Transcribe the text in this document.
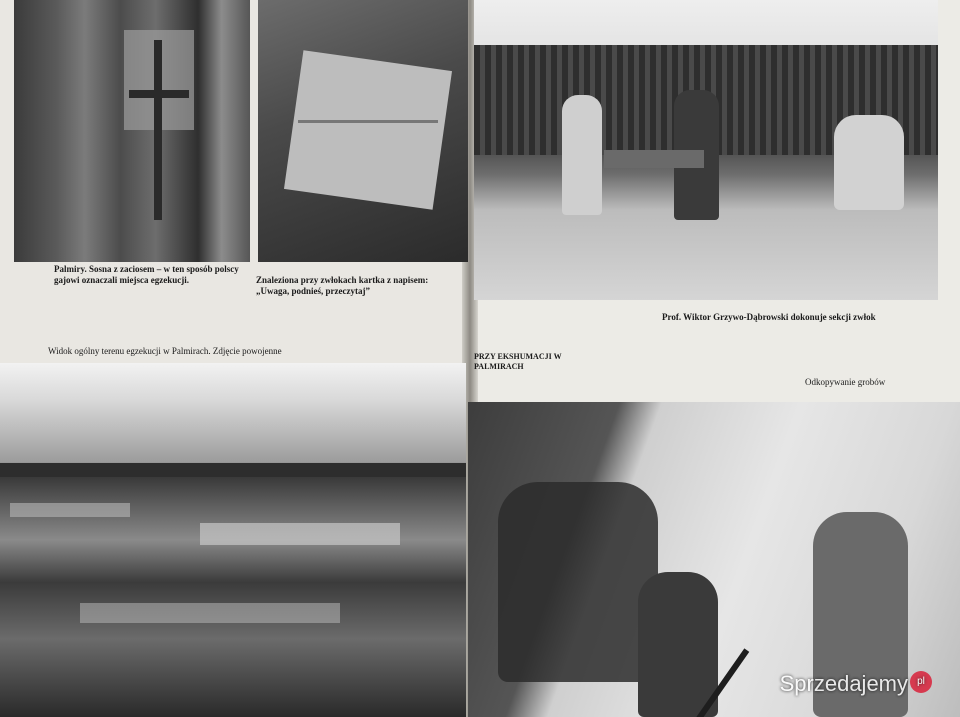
Palmiry. Sosna z zaciosem – w ten sposób polscy gajowi oznaczali miejsca egzekucji.	Znaleziona przy zwłokach kartka z napisem: „Uwaga, podnieś, przeczytaj”
Prof. Wiktor Grzywo-Dąbrowski dokonuje sekcji zwłok
Widok ogólny terenu egzekucji w Palmirach. Zdjęcie powojenne
PRZY EKSHUMACJI W PALMIRACH
Odkopywanie grobów
Sprzedajemy pl
